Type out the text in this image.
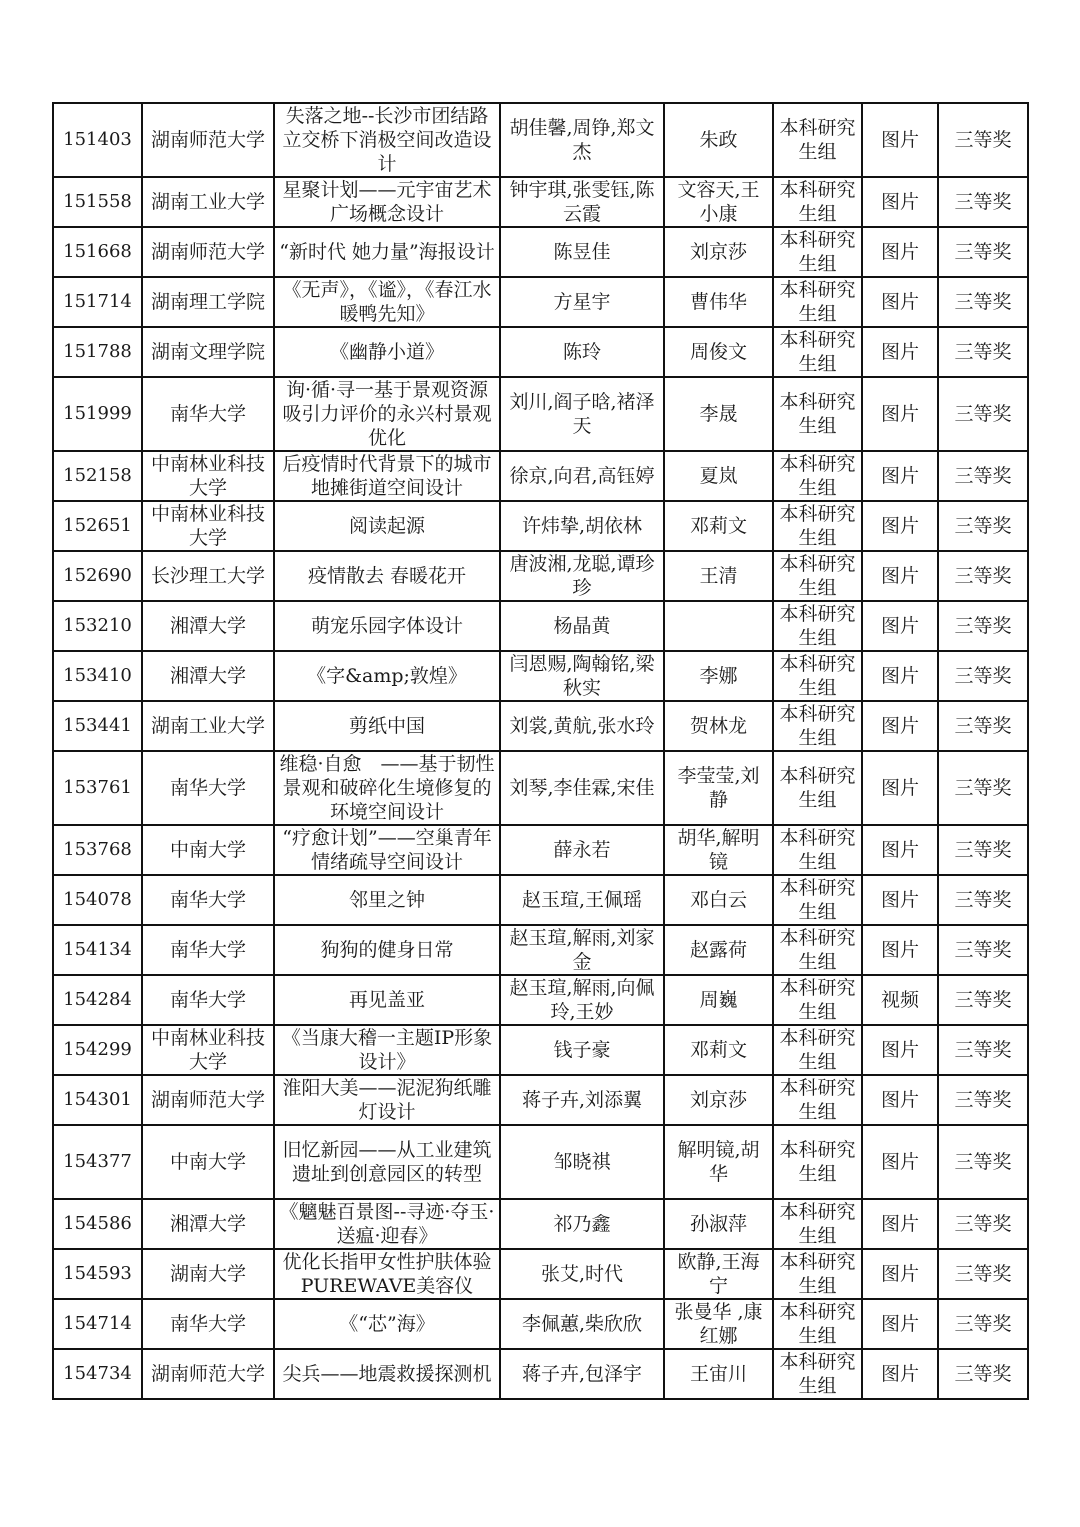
151403	湖南师范大学	失落之地--长沙市团结路立交桥下消极空间改造设计	胡佳馨,周铮,郑文杰	朱政	本科研究生组	图片	三等奖
151558	湖南工业大学	星聚计划——元宇宙艺术广场概念设计	钟宇琪,张雯钰,陈云霞	文容天,王小康	本科研究生组	图片	三等奖
151668	湖南师范大学	“新时代 她力量”海报设计	陈昱佳	刘京莎	本科研究生组	图片	三等奖
151714	湖南理工学院	《无声》，《谧》，《春江水暖鸭先知》	方星宇	曹伟华	本科研究生组	图片	三等奖
151788	湖南文理学院	《幽静小道》	陈玲	周俊文	本科研究生组	图片	三等奖
151999	南华大学	询·循·寻一基于景观资源吸引力评价的永兴村景观优化	刘川,阎子晗,褚泽天	李晟	本科研究生组	图片	三等奖
152158	中南林业科技大学	后疫情时代背景下的城市地摊街道空间设计	徐京,向君,高钰婷	夏岚	本科研究生组	图片	三等奖
152651	中南林业科技大学	阅读起源	许炜挚,胡依林	邓莉文	本科研究生组	图片	三等奖
152690	长沙理工大学	疫情散去 春暖花开	唐波湘,龙聪,谭珍珍	王清	本科研究生组	图片	三等奖
153210	湘潭大学	萌宠乐园字体设计	杨晶黄		本科研究生组	图片	三等奖
153410	湘潭大学	《字&amp;敦煌》	闫恩赐,陶翰铭,梁秋实	李娜	本科研究生组	图片	三等奖
153441	湖南工业大学	剪纸中国	刘裳,黄航,张水玲	贺林龙	本科研究生组	图片	三等奖
153761	南华大学	维稳·自愈　——基于韧性景观和破碎化生境修复的环境空间设计	刘琴,李佳霖,宋佳	李莹莹,刘静	本科研究生组	图片	三等奖
153768	中南大学	“疗愈计划”——空巢青年情绪疏导空间设计	薛永若	胡华,解明镜	本科研究生组	图片	三等奖
154078	南华大学	邻里之钟	赵玉瑄,王佩瑶	邓白云	本科研究生组	图片	三等奖
154134	南华大学	狗狗的健身日常	赵玉瑄,解雨,刘家金	赵露荷	本科研究生组	图片	三等奖
154284	南华大学	再见盖亚	赵玉瑄,解雨,向佩玲,王妙	周巍	本科研究生组	视频	三等奖
154299	中南林业科技大学	《当康大稽一主题IP形象设计》	钱子豪	邓莉文	本科研究生组	图片	三等奖
154301	湖南师范大学	淮阳大美——泥泥狗纸雕灯设计	蒋子卉,刘添翼	刘京莎	本科研究生组	图片	三等奖
154377	中南大学	旧忆新园——从工业建筑遗址到创意园区的转型	邹晓祺	解明镜,胡华	本科研究生组	图片	三等奖
154586	湘潭大学	《魑魅百景图--寻迹·夺玉·送瘟·迎春》	祁乃鑫	孙淑萍	本科研究生组	图片	三等奖
154593	湖南大学	优化长指甲女性护肤体验 PUREWAVE美容仪	张艾,时代	欧静,王海宁	本科研究生组	图片	三等奖
154714	南华大学	《“芯”海》	李佩蕙,柴欣欣	张曼华 ,康红娜	本科研究生组	图片	三等奖
154734	湖南师范大学	尖兵——地震救援探测机	蒋子卉,包泽宇	王宙川	本科研究生组	图片	三等奖
